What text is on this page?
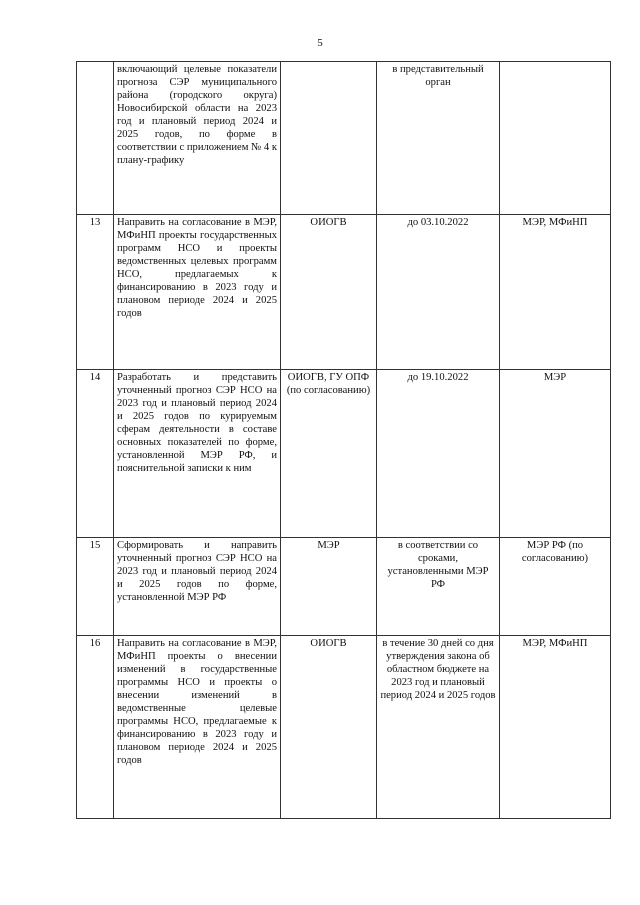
5

	включающий целевые показатели прогноза СЭР муниципального района (городского округа) Новосибирской области на 2023 год и плановый период 2024 и 2025 годов, по форме в соответствии с приложением № 4 к плану-графику		в представительный орган	
13	Направить на согласование в МЭР, МФиНП проекты государственных программ НСО и проекты ведомственных целевых программ НСО, предлагаемых к финансированию в 2023 году и плановом периоде 2024 и 2025 годов	ОИОГВ	до 03.10.2022	МЭР, МФиНП
14	Разработать и представить уточненный прогноз СЭР НСО на 2023 год и плановый период 2024 и 2025 годов по курируемым сферам деятельности в составе основных показателей по форме, установленной МЭР РФ, и пояснительной записки к ним	ОИОГВ, ГУ ОПФ (по согласованию)	до 19.10.2022	МЭР
15	Сформировать и направить уточненный прогноз СЭР НСО на 2023 год и плановый период 2024 и 2025 годов по форме, установленной МЭР РФ	МЭР	в соответствии со сроками, установленными МЭР РФ	МЭР РФ (по согласованию)
16	Направить на согласование в МЭР, МФиНП проекты о внесении изменений в государственные программы НСО и проекты о внесении изменений в ведомственные целевые программы НСО, предлагаемые к финансированию в 2023 году и плановом периоде 2024 и 2025 годов	ОИОГВ	в течение 30 дней со дня утверждения закона об областном бюджете на 2023 год и плановый период 2024 и 2025 годов	МЭР, МФиНП
